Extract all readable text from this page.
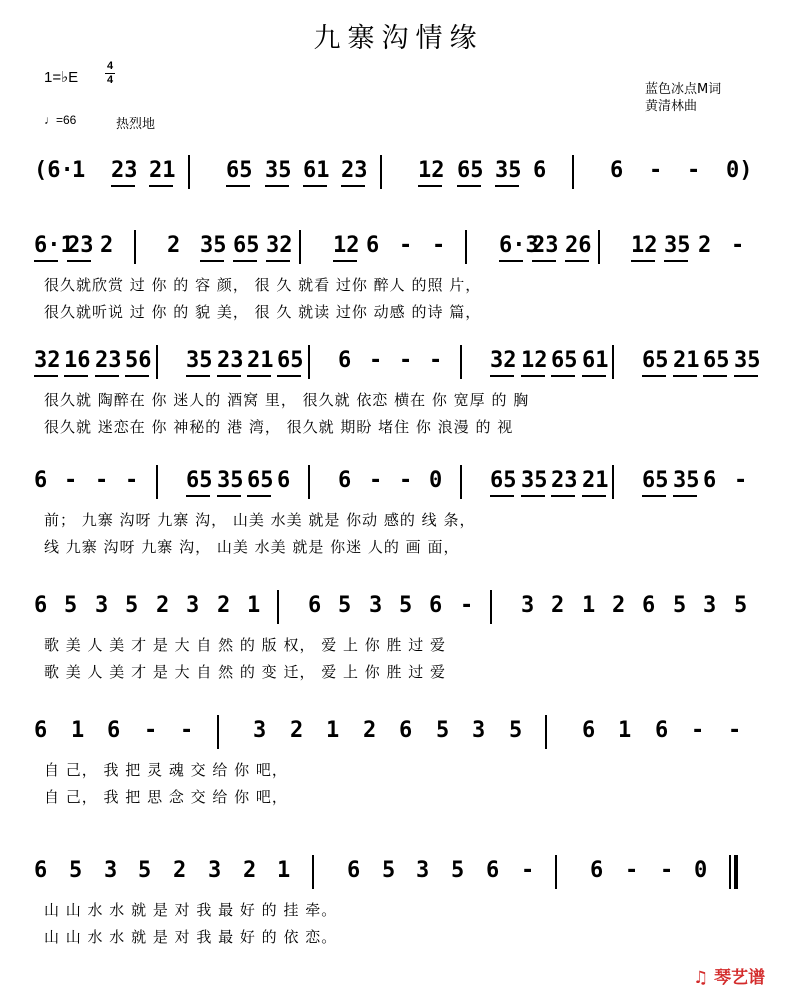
九寨沟情缘
1=♭E
4
4
♩=66	热烈地
蓝色冰点M词
黄清林曲
(6·
1 23 21 65 35 61 23 12 65 35 6	6 - - 0)
6·1
23 2 2 35 65 32 12 6 - - 6·3
23 26 12 35 2 -
很久就欣赏 过 你 的 容 颜， 很 久 就看 过你 醉人 的照 片，
很久就听说 过 你 的 貌 美， 很 久 就读 过你 动感 的诗 篇，
32 16 23 56 35 23 21 65 6 - - - 32 12 65 61 65 21 65 35
很久就 陶醉在 你 迷人的 酒窝 里， 很久就 依恋 横在 你 宽厚 的 胸
很久就 迷恋在 你 神秘的 港 湾， 很久就 期盼 堵住 你 浪漫 的 视
6 - - - 65 35 65 6 6 - - 0 65 35 23 21 65 35 6 -
前； 九寨 沟呀 九寨 沟， 山美 水美 就是 你动 感的 线 条，
线 九寨 沟呀 九寨 沟， 山美 水美 就是 你迷 人的 画 面，
6 5 3 5 2 3 2 1 6 5 3 5 6 - 3 2 1 2 6 5 3 5
歌 美 人 美 才 是 大 自 然 的 版 权， 爱 上 你 胜 过 爱
歌 美 人 美 才 是 大 自 然 的 变 迁， 爱 上 你 胜 过 爱
6 1 6 - -	3 2 1 2 6 5 3 5	6 1 6 - -
自 己， 我 把 灵 魂 交 给 你 吧，
自 己， 我 把 思 念 交 给 你 吧，
6 5 3 5 2 3 2 1	6 5 3 5 6 -	6 - - 0
山 山 水 水 就 是 对 我 最 好 的 挂 牵。
山 山 水 水 就 是 对 我 最 好 的 依 恋。
♫ 琴艺谱
